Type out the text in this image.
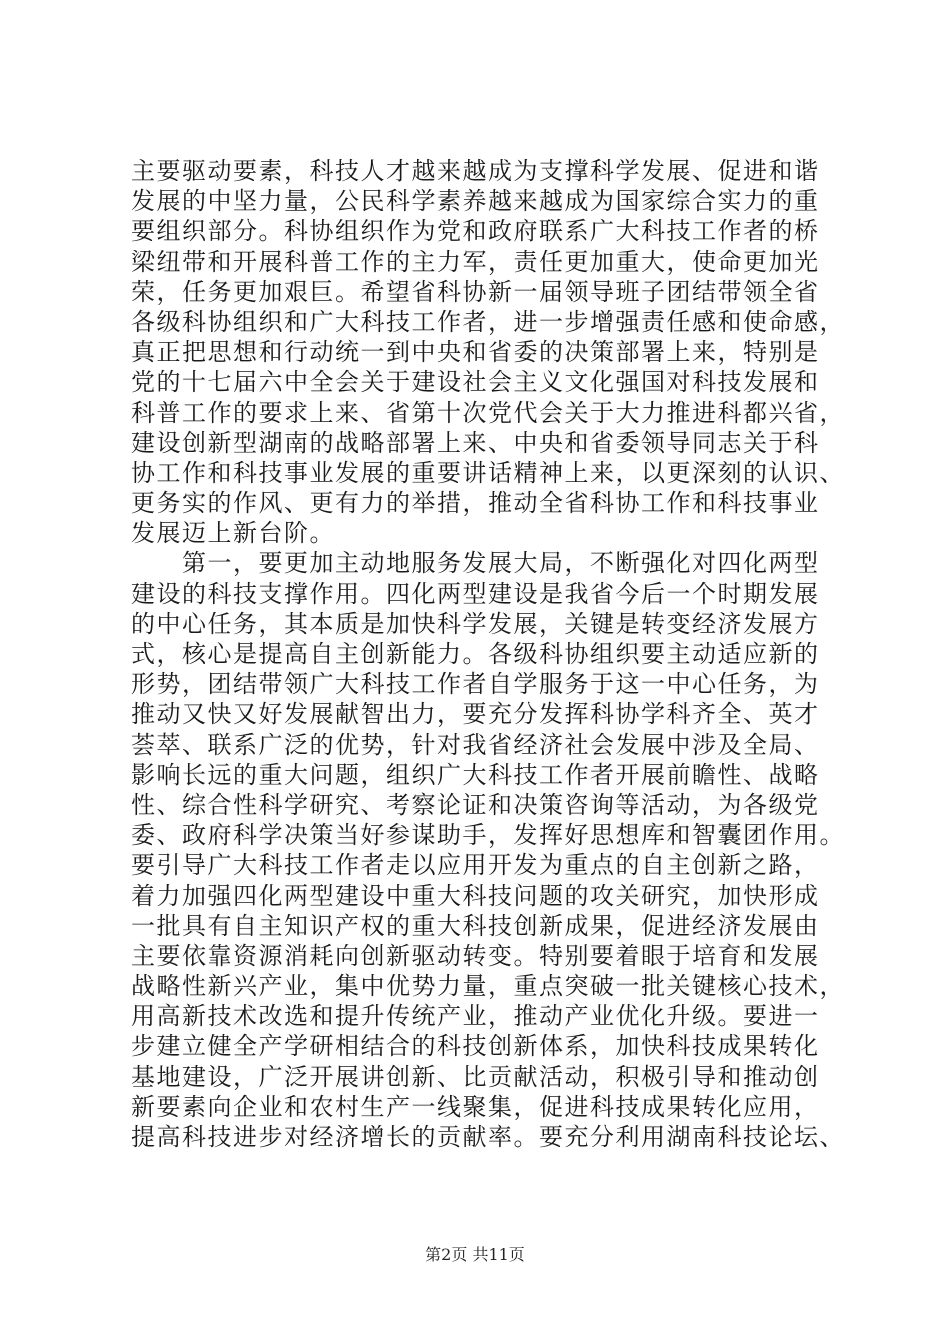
主要驱动要素，科技人才越来越成为支撑科学发展、促进和谐
发展的中坚力量，公民科学素养越来越成为国家综合实力的重
要组织部分。科协组织作为党和政府联系广大科技工作者的桥
梁纽带和开展科普工作的主力军，责任更加重大，使命更加光
荣，任务更加艰巨。希望省科协新一届领导班子团结带领全省
各级科协组织和广大科技工作者，进一步增强责任感和使命感，
真正把思想和行动统一到中央和省委的决策部署上来，特别是
党的十七届六中全会关于建设社会主义文化强国对科技发展和
科普工作的要求上来、省第十次党代会关于大力推进科都兴省，
建设创新型湖南的战略部署上来、中央和省委领导同志关于科
协工作和科技事业发展的重要讲话精神上来，以更深刻的认识、
更务实的作风、更有力的举措，推动全省科协工作和科技事业
发展迈上新台阶。
　　第一，要更加主动地服务发展大局，不断强化对四化两型
建设的科技支撑作用。四化两型建设是我省今后一个时期发展
的中心任务，其本质是加快科学发展，关键是转变经济发展方
式，核心是提高自主创新能力。各级科协组织要主动适应新的
形势，团结带领广大科技工作者自学服务于这一中心任务，为
推动又快又好发展献智出力，要充分发挥科协学科齐全、英才
荟萃、联系广泛的优势，针对我省经济社会发展中涉及全局、
影响长远的重大问题，组织广大科技工作者开展前瞻性、战略
性、综合性科学研究、考察论证和决策咨询等活动，为各级党
委、政府科学决策当好参谋助手，发挥好思想库和智囊团作用。
要引导广大科技工作者走以应用开发为重点的自主创新之路，
着力加强四化两型建设中重大科技问题的攻关研究，加快形成
一批具有自主知识产权的重大科技创新成果，促进经济发展由
主要依靠资源消耗向创新驱动转变。特别要着眼于培育和发展
战略性新兴产业，集中优势力量，重点突破一批关键核心技术，
用高新技术改选和提升传统产业，推动产业优化升级。要进一
步建立健全产学研相结合的科技创新体系，加快科技成果转化
基地建设，广泛开展讲创新、比贡献活动，积极引导和推动创
新要素向企业和农村生产一线聚集，促进科技成果转化应用，
提高科技进步对经济增长的贡献率。要充分利用湖南科技论坛、
第2页 共11页
